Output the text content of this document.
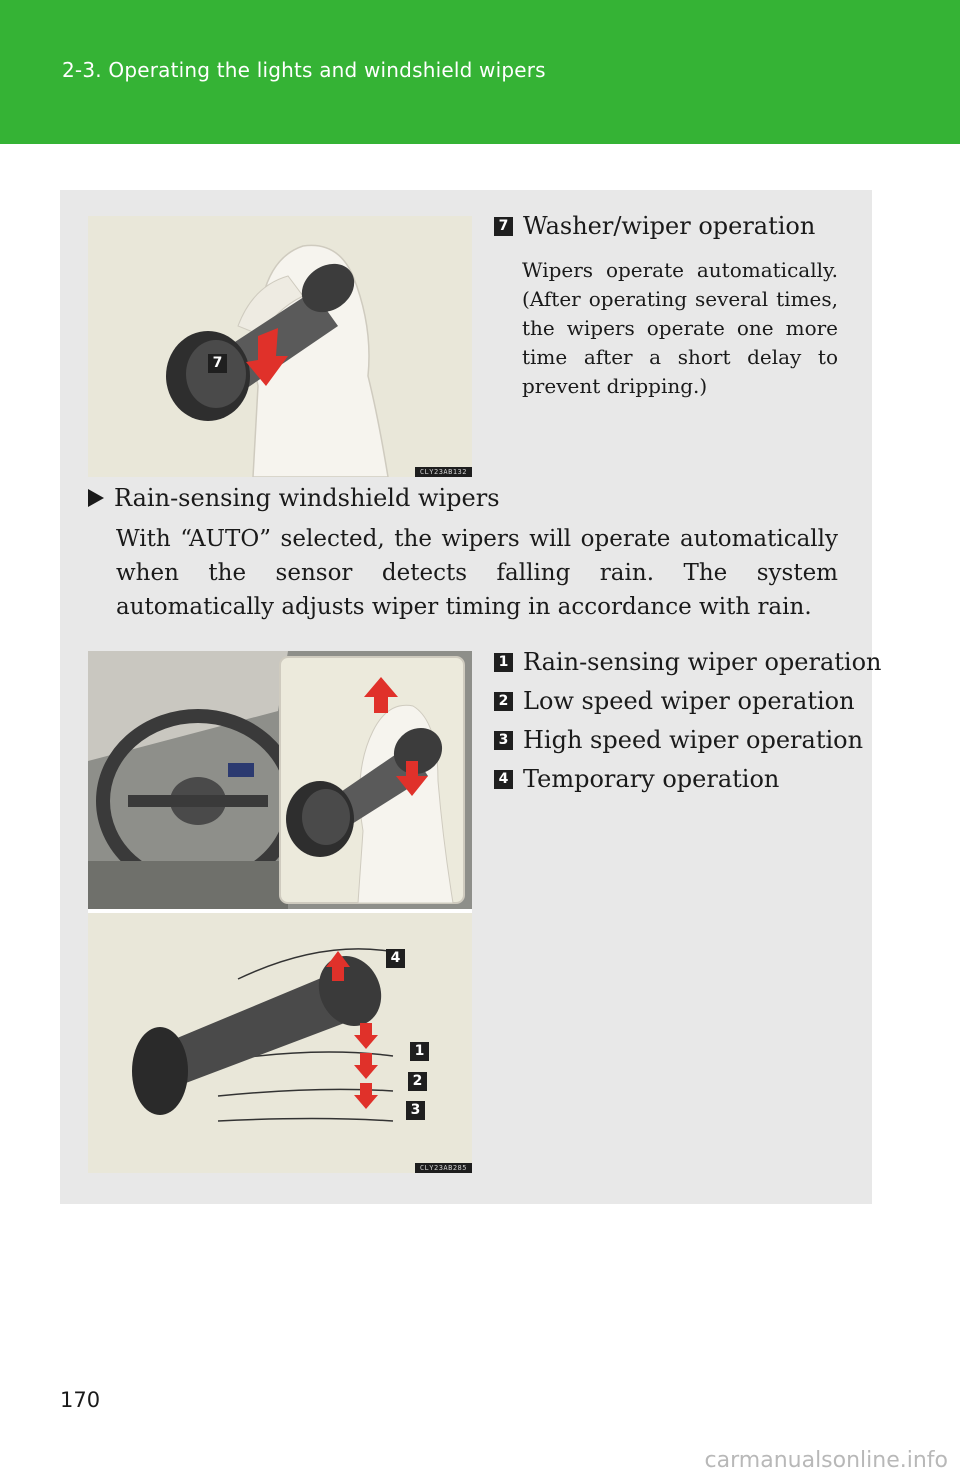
2-3. Operating the lights and windshield wipers
7
CLY23AB132
7 Washer/wiper operation
Wipers operate automatically. (After operating several times, the wipers operate one more time after a short delay to prevent dripping.)
Rain-sensing windshield wipers
With “AUTO” selected, the wipers will operate automatically when the sensor detects falling rain. The system automatically adjusts wiper timing in accordance with rain.
4
1
2
3
CLY23AB285
1 Rain-sensing wiper operation
2 Low speed wiper operation
3 High speed wiper operation
4 Temporary operation
170
carmanualsonline.info
